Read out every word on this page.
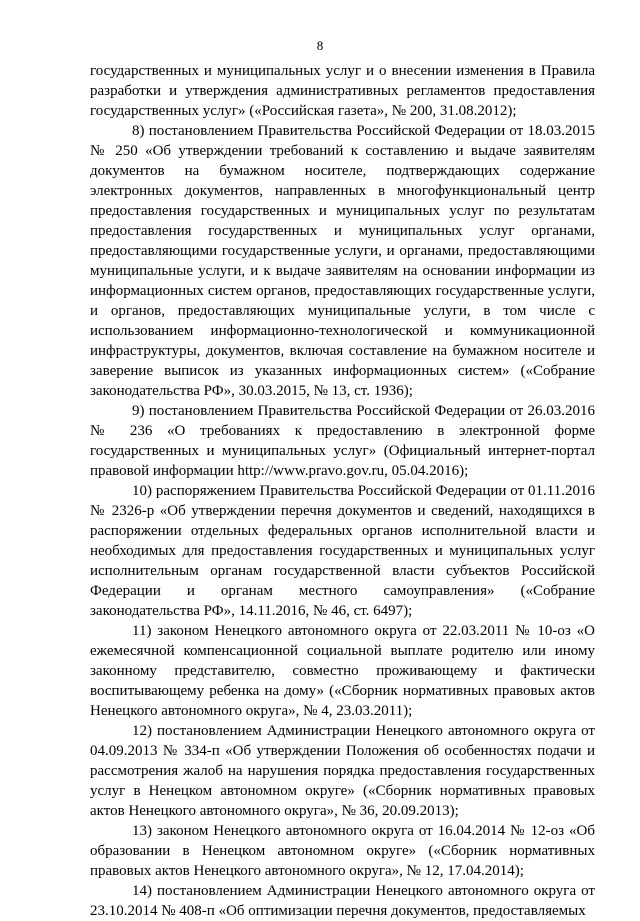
8

государственных и муниципальных услуг и о внесении изменения в Правила разработки и утверждения административных регламентов предоставления государственных услуг» («Российская газета», № 200, 31.08.2012);

8) постановлением Правительства Российской Федерации от 18.03.2015 № 250 «Об утверждении требований к составлению и выдаче заявителям документов на бумажном носителе, подтверждающих содержание электронных документов, направленных в многофункциональный центр предоставления государственных и муниципальных услуг по результатам предоставления государственных и муниципальных услуг органами, предоставляющими государственные услуги, и органами, предоставляющими муниципальные услуги, и к выдаче заявителям на основании информации из информационных систем органов, предоставляющих государственные услуги, и органов, предоставляющих муниципальные услуги, в том числе с использованием информационно-технологической и коммуникационной инфраструктуры, документов, включая составление на бумажном носителе и заверение выписок из указанных информационных систем» («Собрание законодательства РФ», 30.03.2015, № 13, ст. 1936);

9) постановлением Правительства Российской Федерации от 26.03.2016 № 236 «О требованиях к предоставлению в электронной форме государственных и муниципальных услуг» (Официальный интернет-портал правовой информации http://www.pravo.gov.ru, 05.04.2016);

10) распоряжением Правительства Российской Федерации от 01.11.2016 № 2326-р «Об утверждении перечня документов и сведений, находящихся в распоряжении отдельных федеральных органов исполнительной власти и необходимых для предоставления государственных и муниципальных услуг исполнительным органам государственной власти субъектов Российской Федерации и органам местного самоуправления» («Собрание законодательства РФ», 14.11.2016, № 46, ст. 6497);

11) законом Ненецкого автономного округа от 22.03.2011 № 10-оз «О ежемесячной компенсационной социальной выплате родителю или иному законному представителю, совместно проживающему и фактически воспитывающему ребенка на дому» («Сборник нормативных правовых актов Ненецкого автономного округа», № 4, 23.03.2011);

12) постановлением Администрации Ненецкого автономного округа от 04.09.2013 № 334-п «Об утверждении Положения об особенностях подачи и рассмотрения жалоб на нарушения порядка предоставления государственных услуг в Ненецком автономном округе» («Сборник нормативных правовых актов Ненецкого автономного округа», № 36, 20.09.2013);

13) законом Ненецкого автономного округа от 16.04.2014 № 12-оз «Об образовании в Ненецком автономном округе» («Сборник нормативных правовых актов Ненецкого автономного округа», № 12, 17.04.2014);

14) постановлением Администрации Ненецкого автономного округа от 23.10.2014 № 408-п «Об оптимизации перечня документов, предоставляемых
